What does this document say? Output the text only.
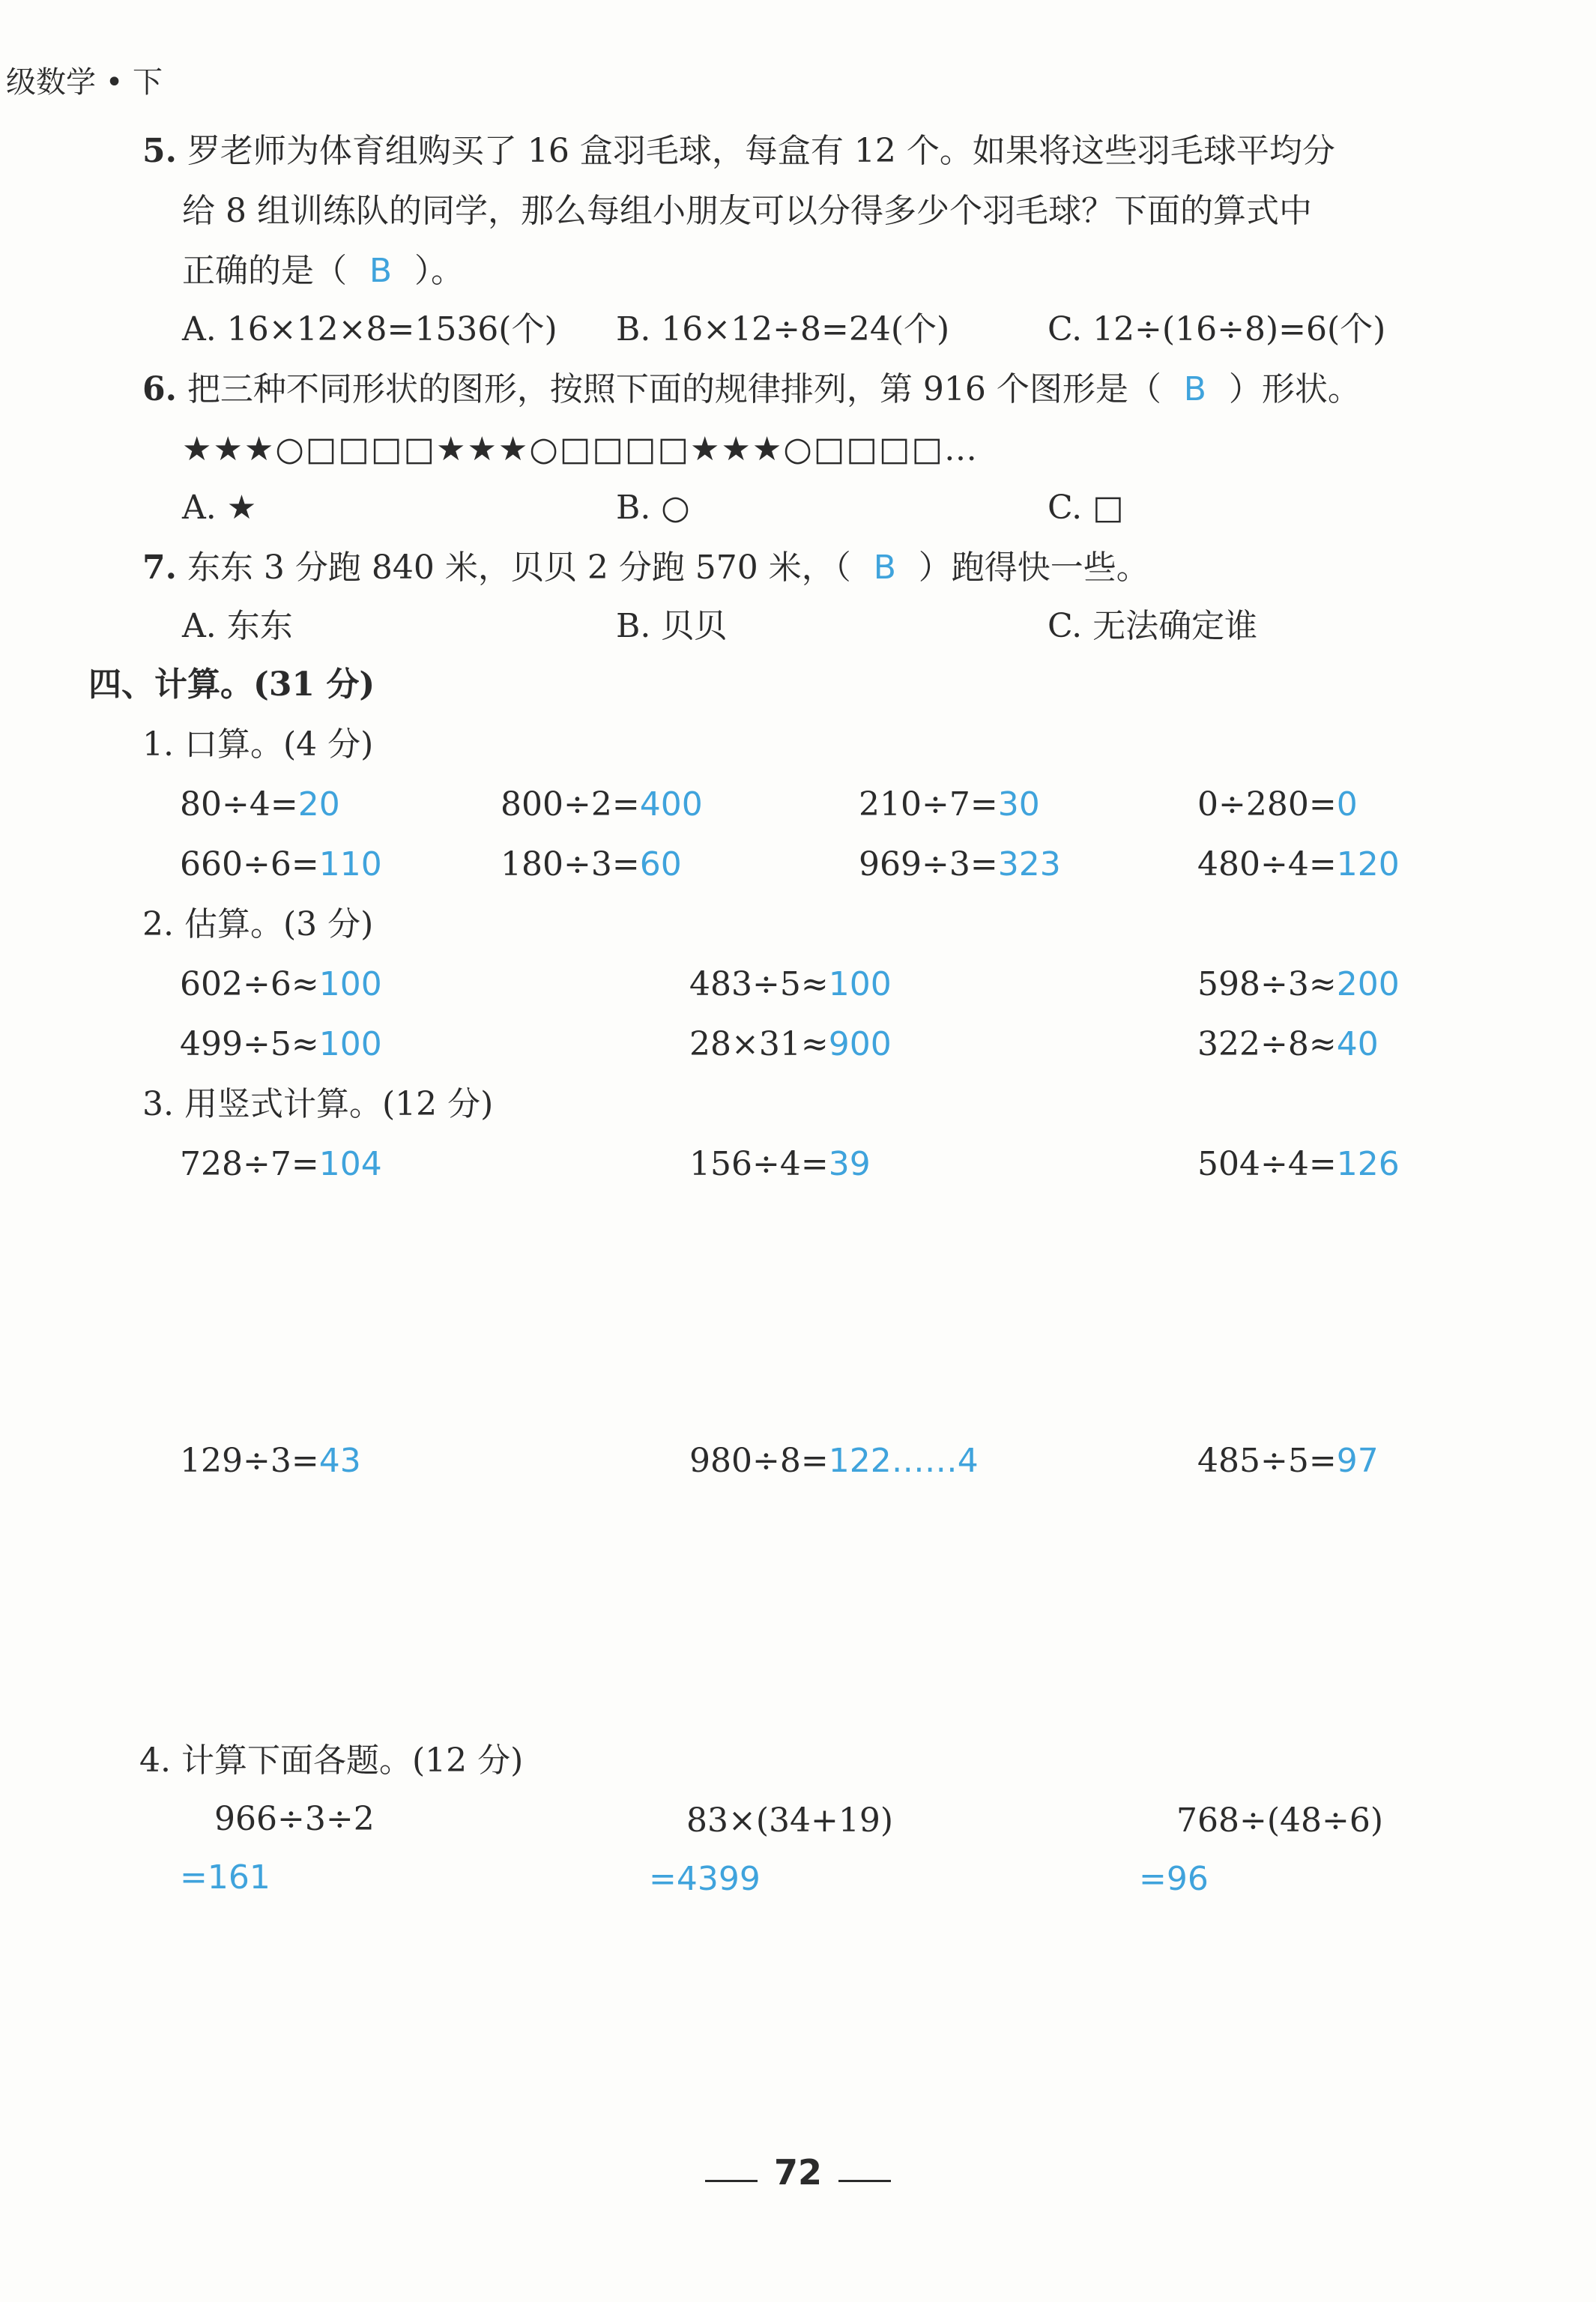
级数学 • 下
5. 罗老师为体育组购买了 16 盒羽毛球，每盒有 12 个。如果将这些羽毛球平均分
给 8 组训练队的同学，那么每组小朋友可以分得多少个羽毛球？下面的算式中
正确的是（ B ）。
A. 16×12×8=1536(个) B. 16×12÷8=24(个)	C. 12÷(16÷8)=6(个)
6. 把三种不同形状的图形，按照下面的规律排列，第 916 个图形是（ B ）形状。
★★★○□□□□★★★○□□□□★★★○□□□□…
A. ★	B. ○	C. □
7. 东东 3 分跑 840 米，贝贝 2 分跑 570 米，（ B ）跑得快一些。
A. 东东	B. 贝贝	C. 无法确定谁
四、计算。(31 分)
1. 口算。(4 分)
80÷4=20	800÷2=400	210÷7=30	0÷280=0
660÷6=110	180÷3=60	969÷3=323	480÷4=120
2. 估算。(3 分)
602÷6≈100	483÷5≈100	598÷3≈200
499÷5≈100	28×31≈900	322÷8≈40
3. 用竖式计算。(12 分)
728÷7=104	156÷4=39	504÷4=126
129÷3=43	980÷8=122……4	485÷5=97
4. 计算下面各题。(12 分)
966÷3÷2	83×(34+19)	768÷(48÷6)
=161	=4399	=96
72
